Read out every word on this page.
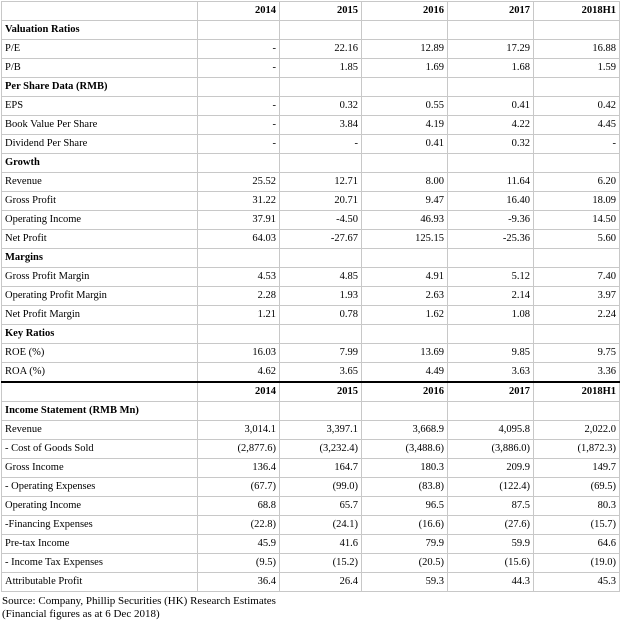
	2014	2015	2016	2017	2018H1
Valuation Ratios					
P/E	-	22.16	12.89	17.29	16.88
P/B	-	1.85	1.69	1.68	1.59
Per Share Data (RMB)					
EPS	-	0.32	0.55	0.41	0.42
Book Value Per Share	-	3.84	4.19	4.22	4.45
Dividend Per Share	-	-	0.41	0.32	-
Growth					
Revenue	25.52	12.71	8.00	11.64	6.20
Gross Profit	31.22	20.71	9.47	16.40	18.09
Operating Income	37.91	-4.50	46.93	-9.36	14.50
Net Profit	64.03	-27.67	125.15	-25.36	5.60
Margins					
Gross Profit Margin	4.53	4.85	4.91	5.12	7.40
Operating Profit Margin	2.28	1.93	2.63	2.14	3.97
Net Profit Margin	1.21	0.78	1.62	1.08	2.24
Key Ratios					
ROE (%)	16.03	7.99	13.69	9.85	9.75
ROA (%)	4.62	3.65	4.49	3.63	3.36
	2014	2015	2016	2017	2018H1
Income Statement (RMB Mn)					
Revenue	3,014.1	3,397.1	3,668.9	4,095.8	2,022.0
- Cost of Goods Sold	(2,877.6)	(3,232.4)	(3,488.6)	(3,886.0)	(1,872.3)
Gross Income	136.4	164.7	180.3	209.9	149.7
- Operating Expenses	(67.7)	(99.0)	(83.8)	(122.4)	(69.5)
Operating Income	68.8	65.7	96.5	87.5	80.3
-Financing Expenses	(22.8)	(24.1)	(16.6)	(27.6)	(15.7)
Pre-tax Income	45.9	41.6	79.9	59.9	64.6
- Income Tax Expenses	(9.5)	(15.2)	(20.5)	(15.6)	(19.0)
Attributable Profit	36.4	26.4	59.3	44.3	45.3
Source: Company, Phillip Securities (HK) Research Estimates
(Financial figures as at 6 Dec 2018)
